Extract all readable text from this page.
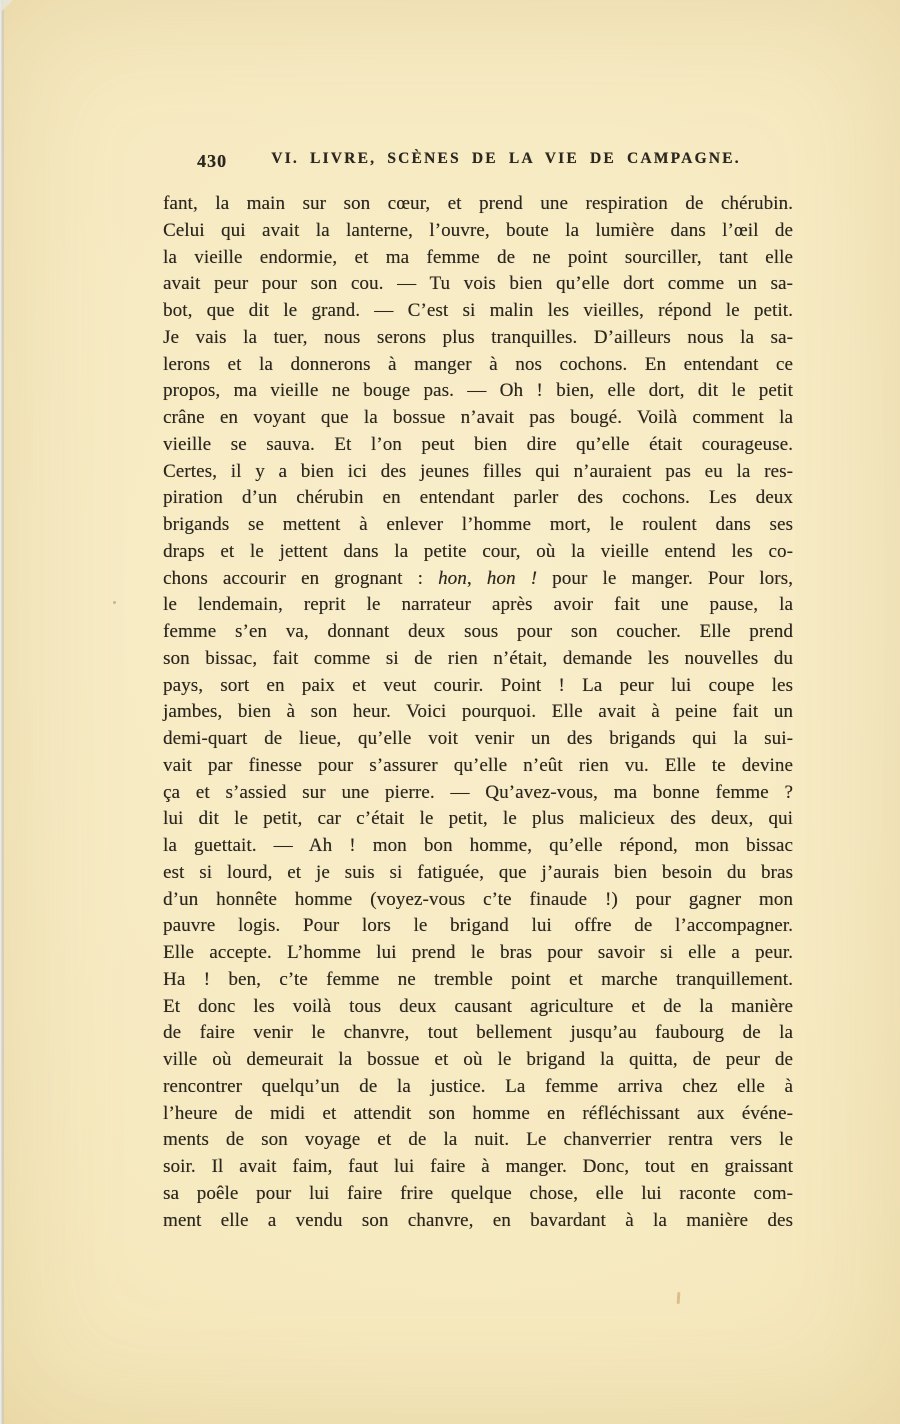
430	VI. LIVRE, SCÈNES DE LA VIE DE CAMPAGNE.
fant, la main sur son cœur, et prend une respiration de chérubin.
Celui qui avait la lanterne, l’ouvre, boute la lumière dans l’œil de
la vieille endormie, et ma femme de ne point sourciller, tant elle
avait peur pour son cou. — Tu vois bien qu’elle dort comme un sa-
bot, que dit le grand. — C’est si malin les vieilles, répond le petit.
Je vais la tuer, nous serons plus tranquilles. D’ailleurs nous la sa-
lerons et la donnerons à manger à nos cochons. En entendant ce
propos, ma vieille ne bouge pas. — Oh ! bien, elle dort, dit le petit
crâne en voyant que la bossue n’avait pas bougé. Voilà comment la
vieille se sauva. Et l’on peut bien dire qu’elle était courageuse.
Certes, il y a bien ici des jeunes filles qui n’auraient pas eu la res-
piration d’un chérubin en entendant parler des cochons. Les deux
brigands se mettent à enlever l’homme mort, le roulent dans ses
draps et le jettent dans la petite cour, où la vieille entend les co-
chons accourir en grognant : hon, hon ! pour le manger. Pour lors,
le lendemain, reprit le narrateur après avoir fait une pause, la
femme s’en va, donnant deux sous pour son coucher. Elle prend
son bissac, fait comme si de rien n’était, demande les nouvelles du
pays, sort en paix et veut courir. Point ! La peur lui coupe les
jambes, bien à son heur. Voici pourquoi. Elle avait à peine fait un
demi-quart de lieue, qu’elle voit venir un des brigands qui la sui-
vait par finesse pour s’assurer qu’elle n’eût rien vu. Elle te devine
ça et s’assied sur une pierre. — Qu’avez-vous, ma bonne femme ?
lui dit le petit, car c’était le petit, le plus malicieux des deux, qui
la guettait. — Ah ! mon bon homme, qu’elle répond, mon bissac
est si lourd, et je suis si fatiguée, que j’aurais bien besoin du bras
d’un honnête homme (voyez-vous c’te finaude !) pour gagner mon
pauvre logis. Pour lors le brigand lui offre de l’accompagner.
Elle accepte. L’homme lui prend le bras pour savoir si elle a peur.
Ha ! ben, c’te femme ne tremble point et marche tranquillement.
Et donc les voilà tous deux causant agriculture et de la manière
de faire venir le chanvre, tout bellement jusqu’au faubourg de la
ville où demeurait la bossue et où le brigand la quitta, de peur de
rencontrer quelqu’un de la justice. La femme arriva chez elle à
l’heure de midi et attendit son homme en réfléchissant aux événe-
ments de son voyage et de la nuit. Le chanverrier rentra vers le
soir. Il avait faim, faut lui faire à manger. Donc, tout en graissant
sa poêle pour lui faire frire quelque chose, elle lui raconte com-
ment elle a vendu son chanvre, en bavardant à la manière des
